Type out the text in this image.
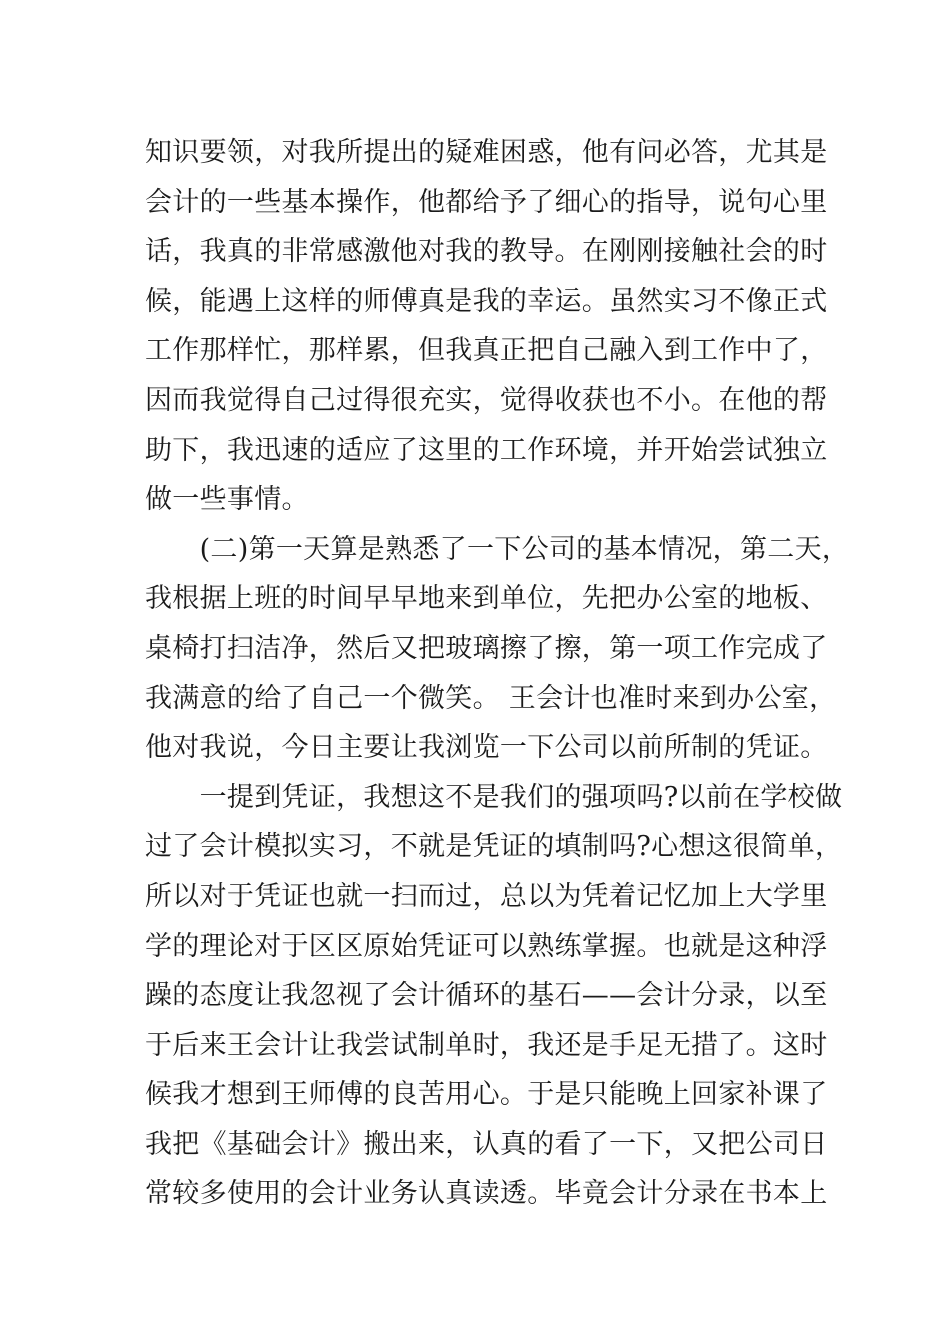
知识要领，对我所提出的疑难困惑，他有问必答，尤其是
会计的一些基本操作，他都给予了细心的指导，说句心里
话，我真的非常感激他对我的教导。在刚刚接触社会的时
候，能遇上这样的师傅真是我的幸运。虽然实习不像正式
工作那样忙，那样累，但我真正把自己融入到工作中了，
因而我觉得自己过得很充实，觉得收获也不小。在他的帮
助下，我迅速的适应了这里的工作环境，并开始尝试独立
做一些事情。
　　(二)第一天算是熟悉了一下公司的基本情况，第二天，
我根据上班的时间早早地来到单位，先把办公室的地板、
桌椅打扫洁净，然后又把玻璃擦了擦，第一项工作完成了
我满意的给了自己一个微笑。 王会计也准时来到办公室，
他对我说，今日主要让我浏览一下公司以前所制的凭证。
　　一提到凭证，我想这不是我们的强项吗?以前在学校做
过了会计模拟实习，不就是凭证的填制吗?心想这很简单，
所以对于凭证也就一扫而过，总以为凭着记忆加上大学里
学的理论对于区区原始凭证可以熟练掌握。也就是这种浮
躁的态度让我忽视了会计循环的基石——会计分录，以至
于后来王会计让我尝试制单时，我还是手足无措了。这时
候我才想到王师傅的良苦用心。于是只能晚上回家补课了
我把《基础会计》搬出来，认真的看了一下，又把公司日
常较多使用的会计业务认真读透。毕竟会计分录在书本上
